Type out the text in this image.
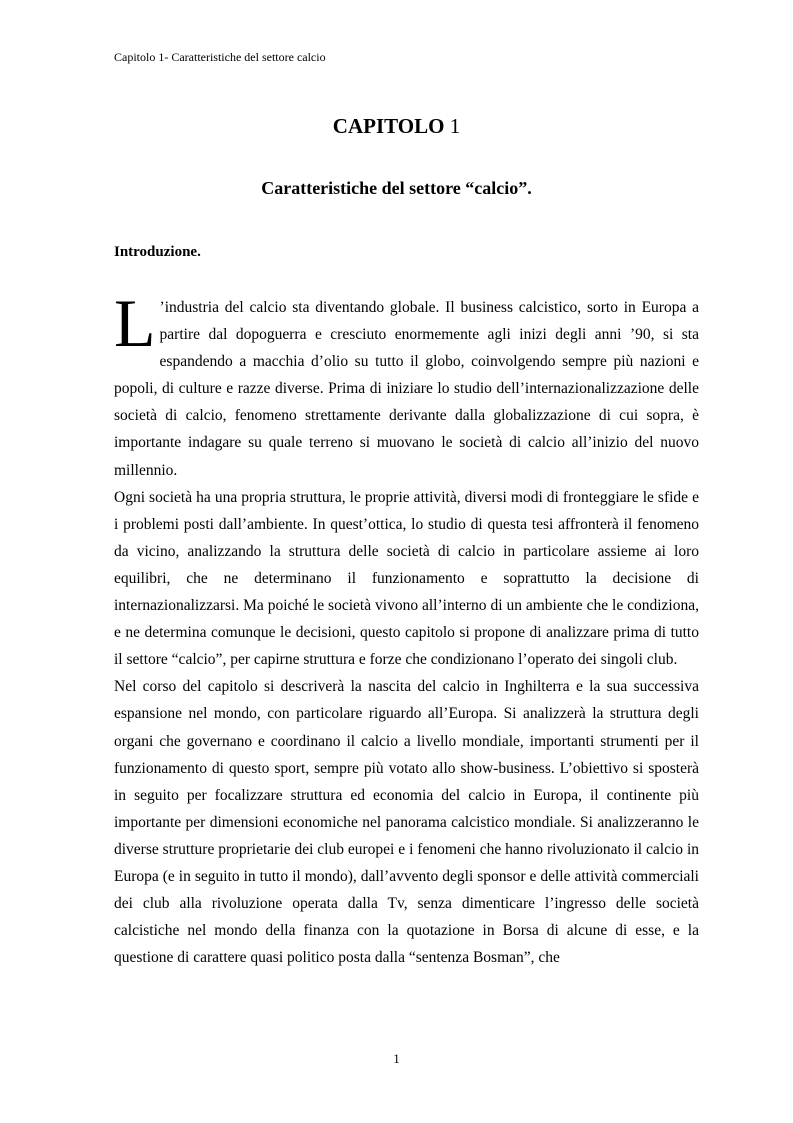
Capitolo 1- Caratteristiche del settore calcio
CAPITOLO 1
Caratteristiche del settore “calcio”.
Introduzione.

L ’industria del calcio sta diventando globale. Il business calcistico, sorto in Europa a partire dal dopoguerra e cresciuto enormemente agli inizi degli anni ’90, si sta espandendo a macchia d’olio su tutto il globo, coinvolgendo sempre più nazioni e popoli, di culture e razze diverse. Prima di iniziare lo studio dell’internazionalizzazione delle società di calcio, fenomeno strettamente derivante dalla globalizzazione di cui sopra, è importante indagare su quale terreno si muovano le società di calcio all’inizio del nuovo millennio.

Ogni società ha una propria struttura, le proprie attività, diversi modi di fronteggiare le sfide e i problemi posti dall’ambiente. In quest’ottica, lo studio di questa tesi affronterà il fenomeno da vicino, analizzando la struttura delle società di calcio in particolare assieme ai loro equilibri, che ne determinano il funzionamento e soprattutto la decisione di internazionalizzarsi. Ma poiché le società vivono all’interno di un ambiente che le condiziona, e ne determina comunque le decisioni, questo capitolo si propone di analizzare prima di tutto il settore “calcio”, per capirne struttura e forze che condizionano l’operato dei singoli club.

Nel corso del capitolo si descriverà la nascita del calcio in Inghilterra e la sua successiva espansione nel mondo, con particolare riguardo all’Europa. Si analizzerà la struttura degli organi che governano e coordinano il calcio a livello mondiale, importanti strumenti per il funzionamento di questo sport, sempre più votato allo show-business. L’obiettivo si sposterà in seguito per focalizzare struttura ed economia del calcio in Europa, il continente più importante per dimensioni economiche nel panorama calcistico mondiale. Si analizzeranno le diverse strutture proprietarie dei club europei e i fenomeni che hanno rivoluzionato il calcio in Europa (e in seguito in tutto il mondo), dall’avvento degli sponsor e delle attività commerciali dei club alla rivoluzione operata dalla Tv, senza dimenticare l’ingresso delle società calcistiche nel mondo della finanza con la quotazione in Borsa di alcune di esse, e la questione di carattere quasi politico posta dalla “sentenza Bosman”, che

1
